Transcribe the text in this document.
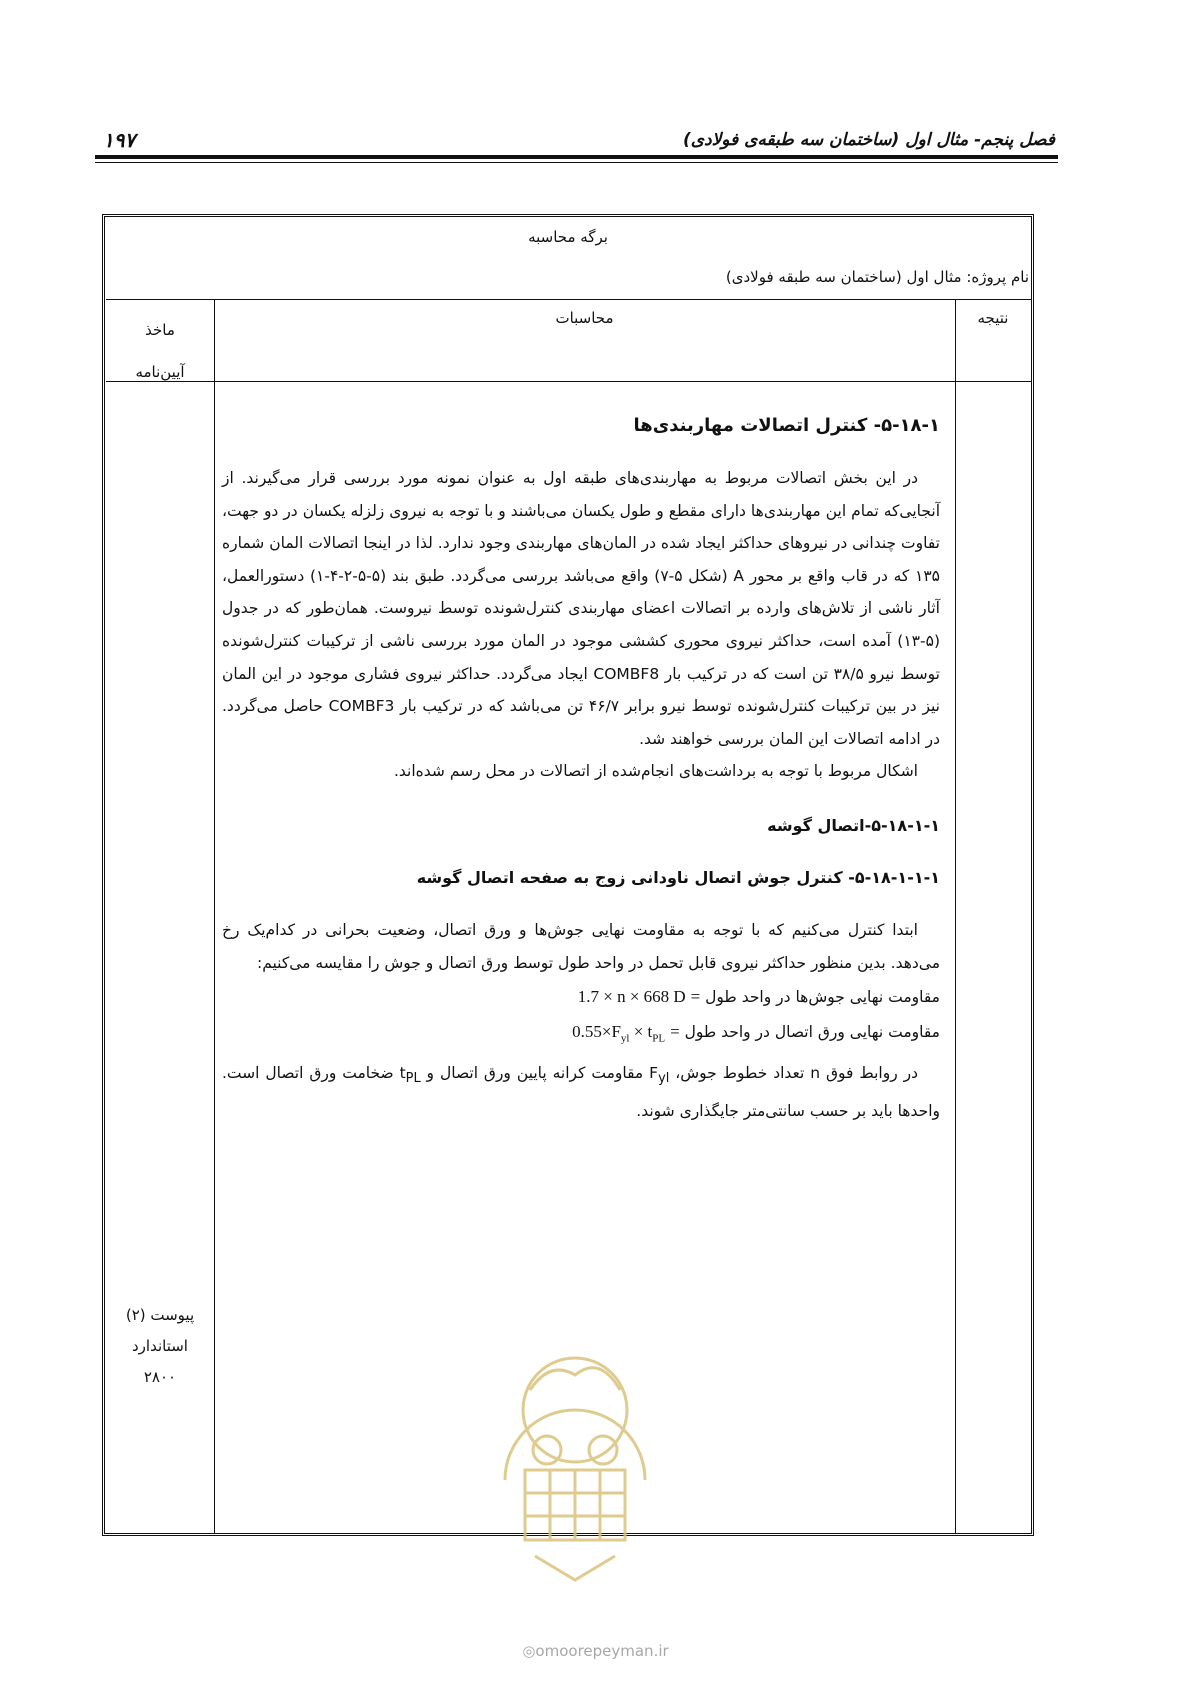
۱۹۷	فصل پنجم- مثال اول (ساختمان سه طبقه‌ی فولادی)
برگه محاسبه
نام پروژه: مثال اول (ساختمان سه طبقه فولادی)
ماخذ
آیین‌نامه
محاسبات	نتیجه
۵-۱۸-۱- کنترل اتصالات مهاربندی‌ها

در این بخش اتصالات مربوط به مهاربندی‌های طبقه اول به عنوان نمونه مورد بررسی قرار می‌گیرند. از آنجایی‌که تمام این مهاربندی‌ها دارای مقطع و طول یکسان می‌باشند و با توجه به نیروی زلزله یکسان در دو جهت، تفاوت چندانی در نیروهای حداکثر ایجاد شده در المان‌های مهاربندی وجود ندارد. لذا در اینجا اتصالات المان شماره ۱۳۵ که در قاب واقع بر محور A (شکل ۵-۷) واقع می‌باشد بررسی می‌گردد. طبق بند (۵-۵-۲-۴-۱) دستورالعمل، آثار ناشی از تلاش‌های وارده بر اتصالات اعضای مهاربندی کنترل‌شونده توسط نیروست. همان‌طور که در جدول (۵-۱۳) آمده است، حداکثر نیروی محوری کششی موجود در المان مورد بررسی ناشی از ترکیبات کنترل‌شونده توسط نیرو ۳۸/۵ تن است که در ترکیب بار COMBF8 ایجاد می‌گردد. حداکثر نیروی فشاری موجود در این المان نیز در بین ترکیبات کنترل‌شونده توسط نیرو برابر ۴۶/۷ تن می‌باشد که در ترکیب بار COMBF3 حاصل می‌گردد. در ادامه اتصالات این المان بررسی خواهند شد.

اشکال مربوط با توجه به برداشت‌های انجام‌شده از اتصالات در محل رسم شده‌اند.

۵-۱۸-۱-۱-اتصال گوشه
۵-۱۸-۱-۱-۱- کنترل جوش اتصال ناودانی زوج به صفحه اتصال گوشه

ابتدا کنترل می‌کنیم که با توجه به مقاومت نهایی جوش‌ها و ورق اتصال، وضعیت بحرانی در کدام‌یک رخ می‌دهد. بدین منظور حداکثر نیروی قابل تحمل در واحد طول توسط ورق اتصال و جوش را مقایسه می‌کنیم:

مقاومت نهایی جوش‌ها در واحد طول = 1.7 × n × 668 D
مقاومت نهایی ورق اتصال در واحد طول = $0.55\times F_{yl} \times t_{PL}$

در روابط فوق n تعداد خطوط جوش، $F_{yl}$ مقاومت کرانه پایین ورق اتصال و $t_{PL}$ ضخامت ورق اتصال است. واحدها باید بر حسب سانتی‌متر جایگذاری شوند.

پیوست (۲)
استاندارد
۲۸۰۰
◎omoorepeyman.ir
